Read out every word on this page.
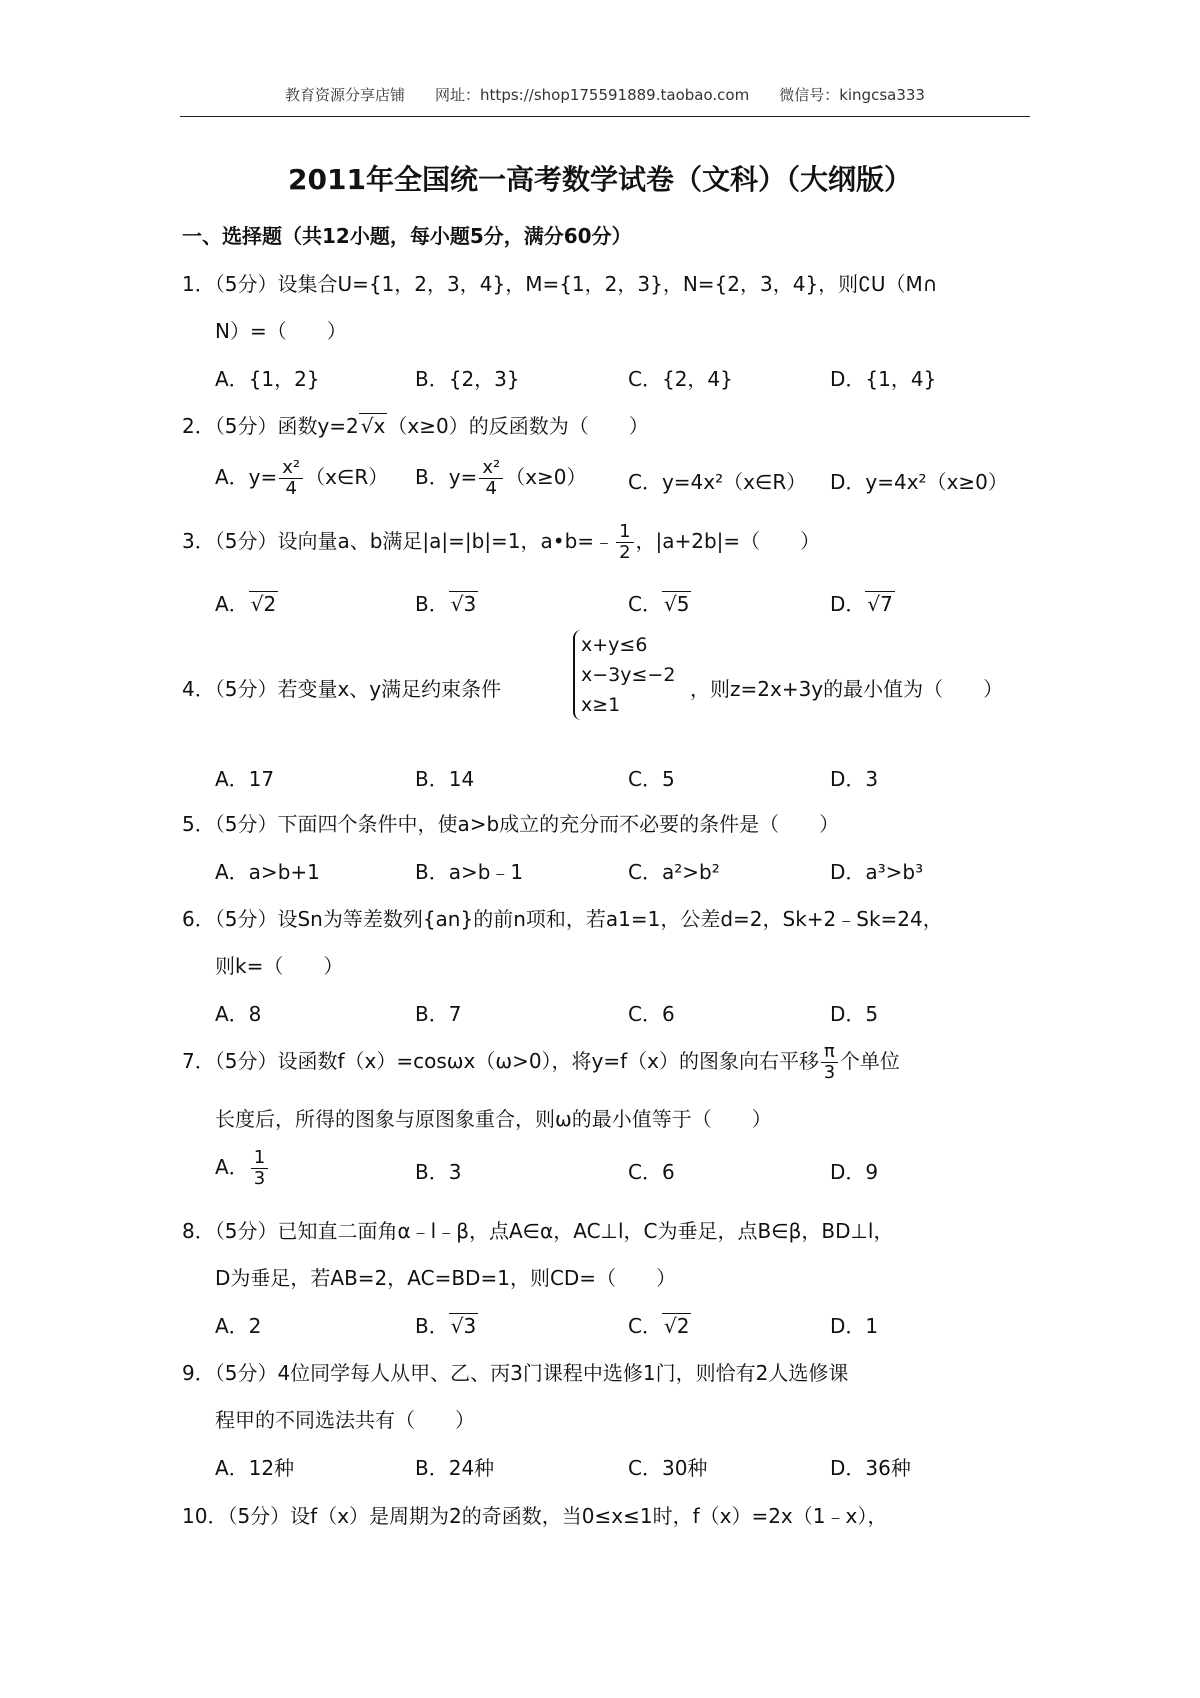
教育资源分享店铺 网址：https://shop175591889.taobao.com 微信号：kingcsa333
2011年全国统一高考数学试卷（文科）（大纲版）
一、选择题（共12小题，每小题5分，满分60分）
1．（5分）设集合U={1，2，3，4}，M={1，2，3}，N={2，3，4}，则∁U（M∩
N）=（　　）
A．{1，2}	B．{2，3}	C．{2，4}	D．{1，4}
2．（5分）函数y=2 √x （x≥0）的反函数为（　　）
A．$y= \frac{\text{x²}}{4}$ （x∈R） B．$y= \frac{\text{x²}}{4} (x\ge 0)$ C．y=4x²（x∈R） D．y=4x²（x≥0）
3．（5分）设向量a、b满足|a|=|b|=1，a•b=﹣ $\frac{1}{2}$ ，|a+2b|=（　　）
A． √2	B． √3	C． √5	D． √7
4．（5分）若变量x、y满足约束条件
x+y≤6
x−3y≤−2
x≥1
，则z=2x+3y的最小值为（　　）
A．17	B．14	C．5	D．3
5．（5分）下面四个条件中，使a>b成立的充分而不必要的条件是（　　）
A．a>b+1	B．a>b﹣1	C．a²>b²	D．a³>b³
6．（5分）设Sn为等差数列{an}的前n项和，若a1=1，公差d=2，Sk+2﹣Sk=24，
则k=（　　）
A．8	B．7	C．6	D．5
7．（5分）设函数f（x）=cosωx（ω>0），将y=f（x）的图象向右平移 $\frac{\pi}{3}$ 个单位
长度后，所得的图象与原图象重合，则ω的最小值等于（　　）
A． $\frac{1}{3}$	B．3	C．6	D．9
8．（5分）已知直二面角α﹣l﹣β，点A∈α，AC⊥l，C为垂足，点B∈β，BD⊥l，
D为垂足，若AB=2，AC=BD=1，则CD=（　　）
A．2	B． √3	C． √2	D．1
9．（5分）4位同学每人从甲、乙、丙3门课程中选修1门，则恰有2人选修课
程甲的不同选法共有（　　）
A．12种	B．24种	C．30种	D．36种
10．（5分）设f（x）是周期为2的奇函数，当0≤x≤1时，f（x）=2x（1﹣x），
